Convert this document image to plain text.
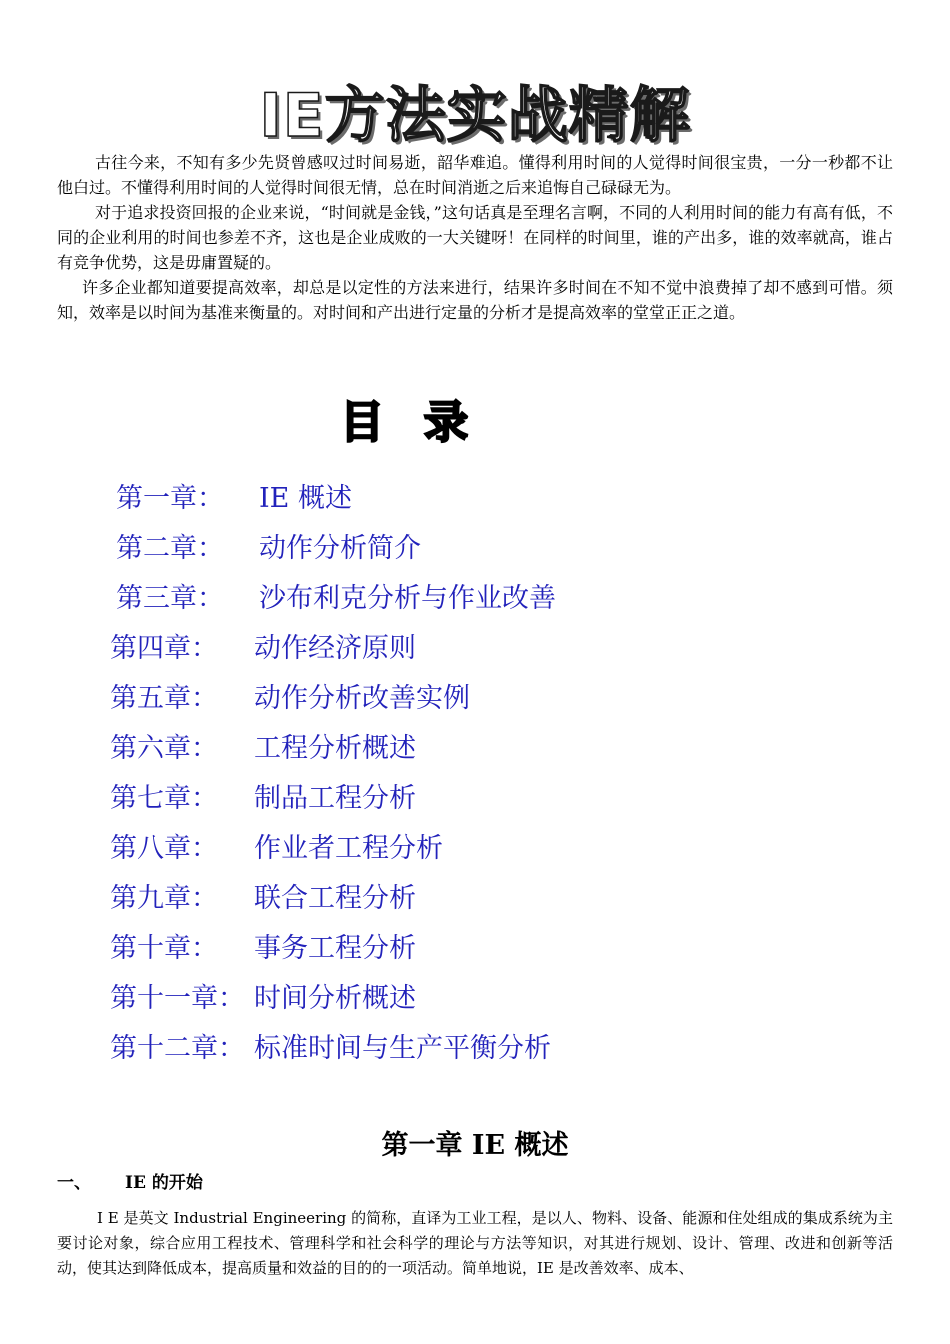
IE方法实战精解

古往今来，不知有多少先贤曾感叹过时间易逝，韶华难追。懂得利用时间的人觉得时间很宝贵，一分一秒都不让他白过。不懂得利用时间的人觉得时间很无情，总在时间消逝之后来追悔自己碌碌无为。

对于追求投资回报的企业来说，“时间就是金钱，”这句话真是至理名言啊，不同的人利用时间的能力有高有低，不同的企业利用的时间也参差不齐，这也是企业成败的一大关键呀！在同样的时间里，谁的产出多，谁的效率就高，谁占有竞争优势，这是毋庸置疑的。

许多企业都知道要提高效率，却总是以定性的方法来进行，结果许多时间在不知不觉中浪费掉了却不感到可惜。须知，效率是以时间为基准来衡量的。对时间和产出进行定量的分析才是提高效率的堂堂正正之道。

目录
第一章： IE 概述
第二章： 动作分析简介
第三章： 沙布利克分析与作业改善
第四章： 动作经济原则
第五章： 动作分析改善实例
第六章： 工程分析概述
第七章： 制品工程分析
第八章： 作业者工程分析
第九章： 联合工程分析
第十章： 事务工程分析
第十一章： 时间分析概述
第十二章： 标准时间与生产平衡分析
第一章 IE 概述
一、 IE 的开始

I E 是英文 Industrial Engineering 的简称，直译为工业工程，是以人、物料、设备、能源和住处组成的集成系统为主要讨论对象，综合应用工程技术、管理科学和社会科学的理论与方法等知识，对其进行规划、设计、管理、改进和创新等活动，使其达到降低成本，提高质量和效益的目的的一项活动。简单地说，IE 是改善效率、成本、
